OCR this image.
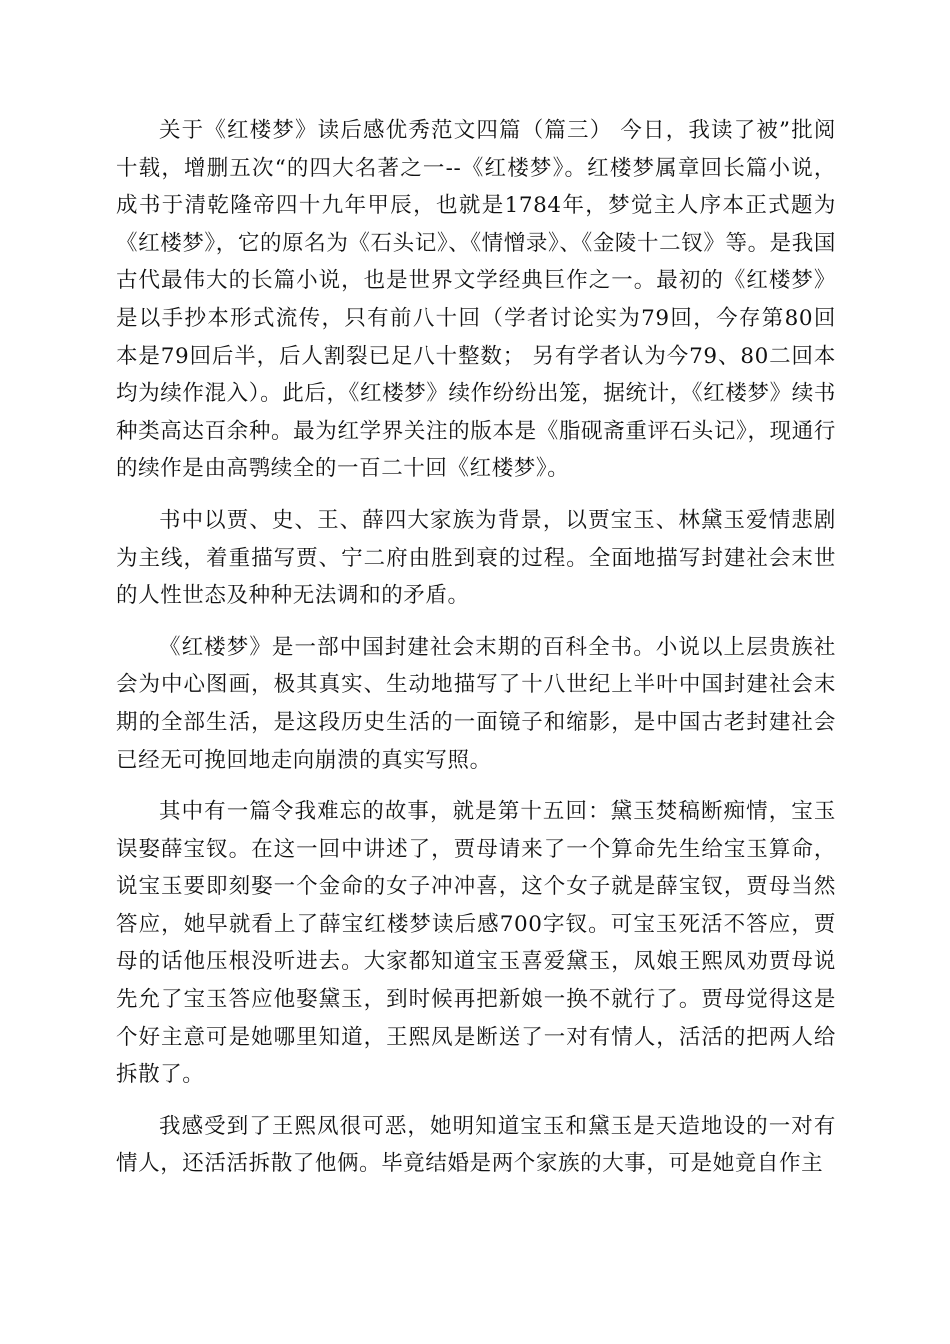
关于《红楼梦》读后感优秀范文四篇（篇三） 今日，我读了被”批阅十载，增删五次“的四大名著之一--《红楼梦》。红楼梦属章回长篇小说，成书于清乾隆帝四十九年甲辰，也就是1784年，梦觉主人序本正式题为《红楼梦》，它的原名为《石头记》、《情憎录》、《金陵十二钗》等。是我国古代最伟大的长篇小说，也是世界文学经典巨作之一。最初的《红楼梦》是以手抄本形式流传，只有前八十回（学者讨论实为79回，今存第80回本是79回后半，后人割裂已足八十整数； 另有学者认为今79、80二回本均为续作混入）。此后，《红楼梦》续作纷纷出笼，据统计，《红楼梦》续书种类高达百余种。最为红学界关注的版本是《脂砚斋重评石头记》，现通行的续作是由高鹗续全的一百二十回《红楼梦》。

书中以贾、史、王、薛四大家族为背景，以贾宝玉、林黛玉爱情悲剧为主线，着重描写贾、宁二府由胜到衰的过程。全面地描写封建社会末世的人性世态及种种无法调和的矛盾。

《红楼梦》是一部中国封建社会末期的百科全书。小说以上层贵族社会为中心图画，极其真实、生动地描写了十八世纪上半叶中国封建社会末期的全部生活，是这段历史生活的一面镜子和缩影，是中国古老封建社会已经无可挽回地走向崩溃的真实写照。

其中有一篇令我难忘的故事，就是第十五回：黛玉焚稿断痴情，宝玉误娶薛宝钗。在这一回中讲述了，贾母请来了一个算命先生给宝玉算命，说宝玉要即刻娶一个金命的女子冲冲喜，这个女子就是薛宝钗，贾母当然答应，她早就看上了薛宝红楼梦读后感700字钗。可宝玉死活不答应，贾母的话他压根没听进去。大家都知道宝玉喜爱黛玉，凤娘王熙凤劝贾母说先允了宝玉答应他娶黛玉，到时候再把新娘一换不就行了。贾母觉得这是个好主意可是她哪里知道，王熙凤是断送了一对有情人，活活的把两人给拆散了。

我感受到了王熙凤很可恶，她明知道宝玉和黛玉是天造地设的一对有情人，还活活拆散了他俩。毕竟结婚是两个家族的大事，可是她竟自作主
